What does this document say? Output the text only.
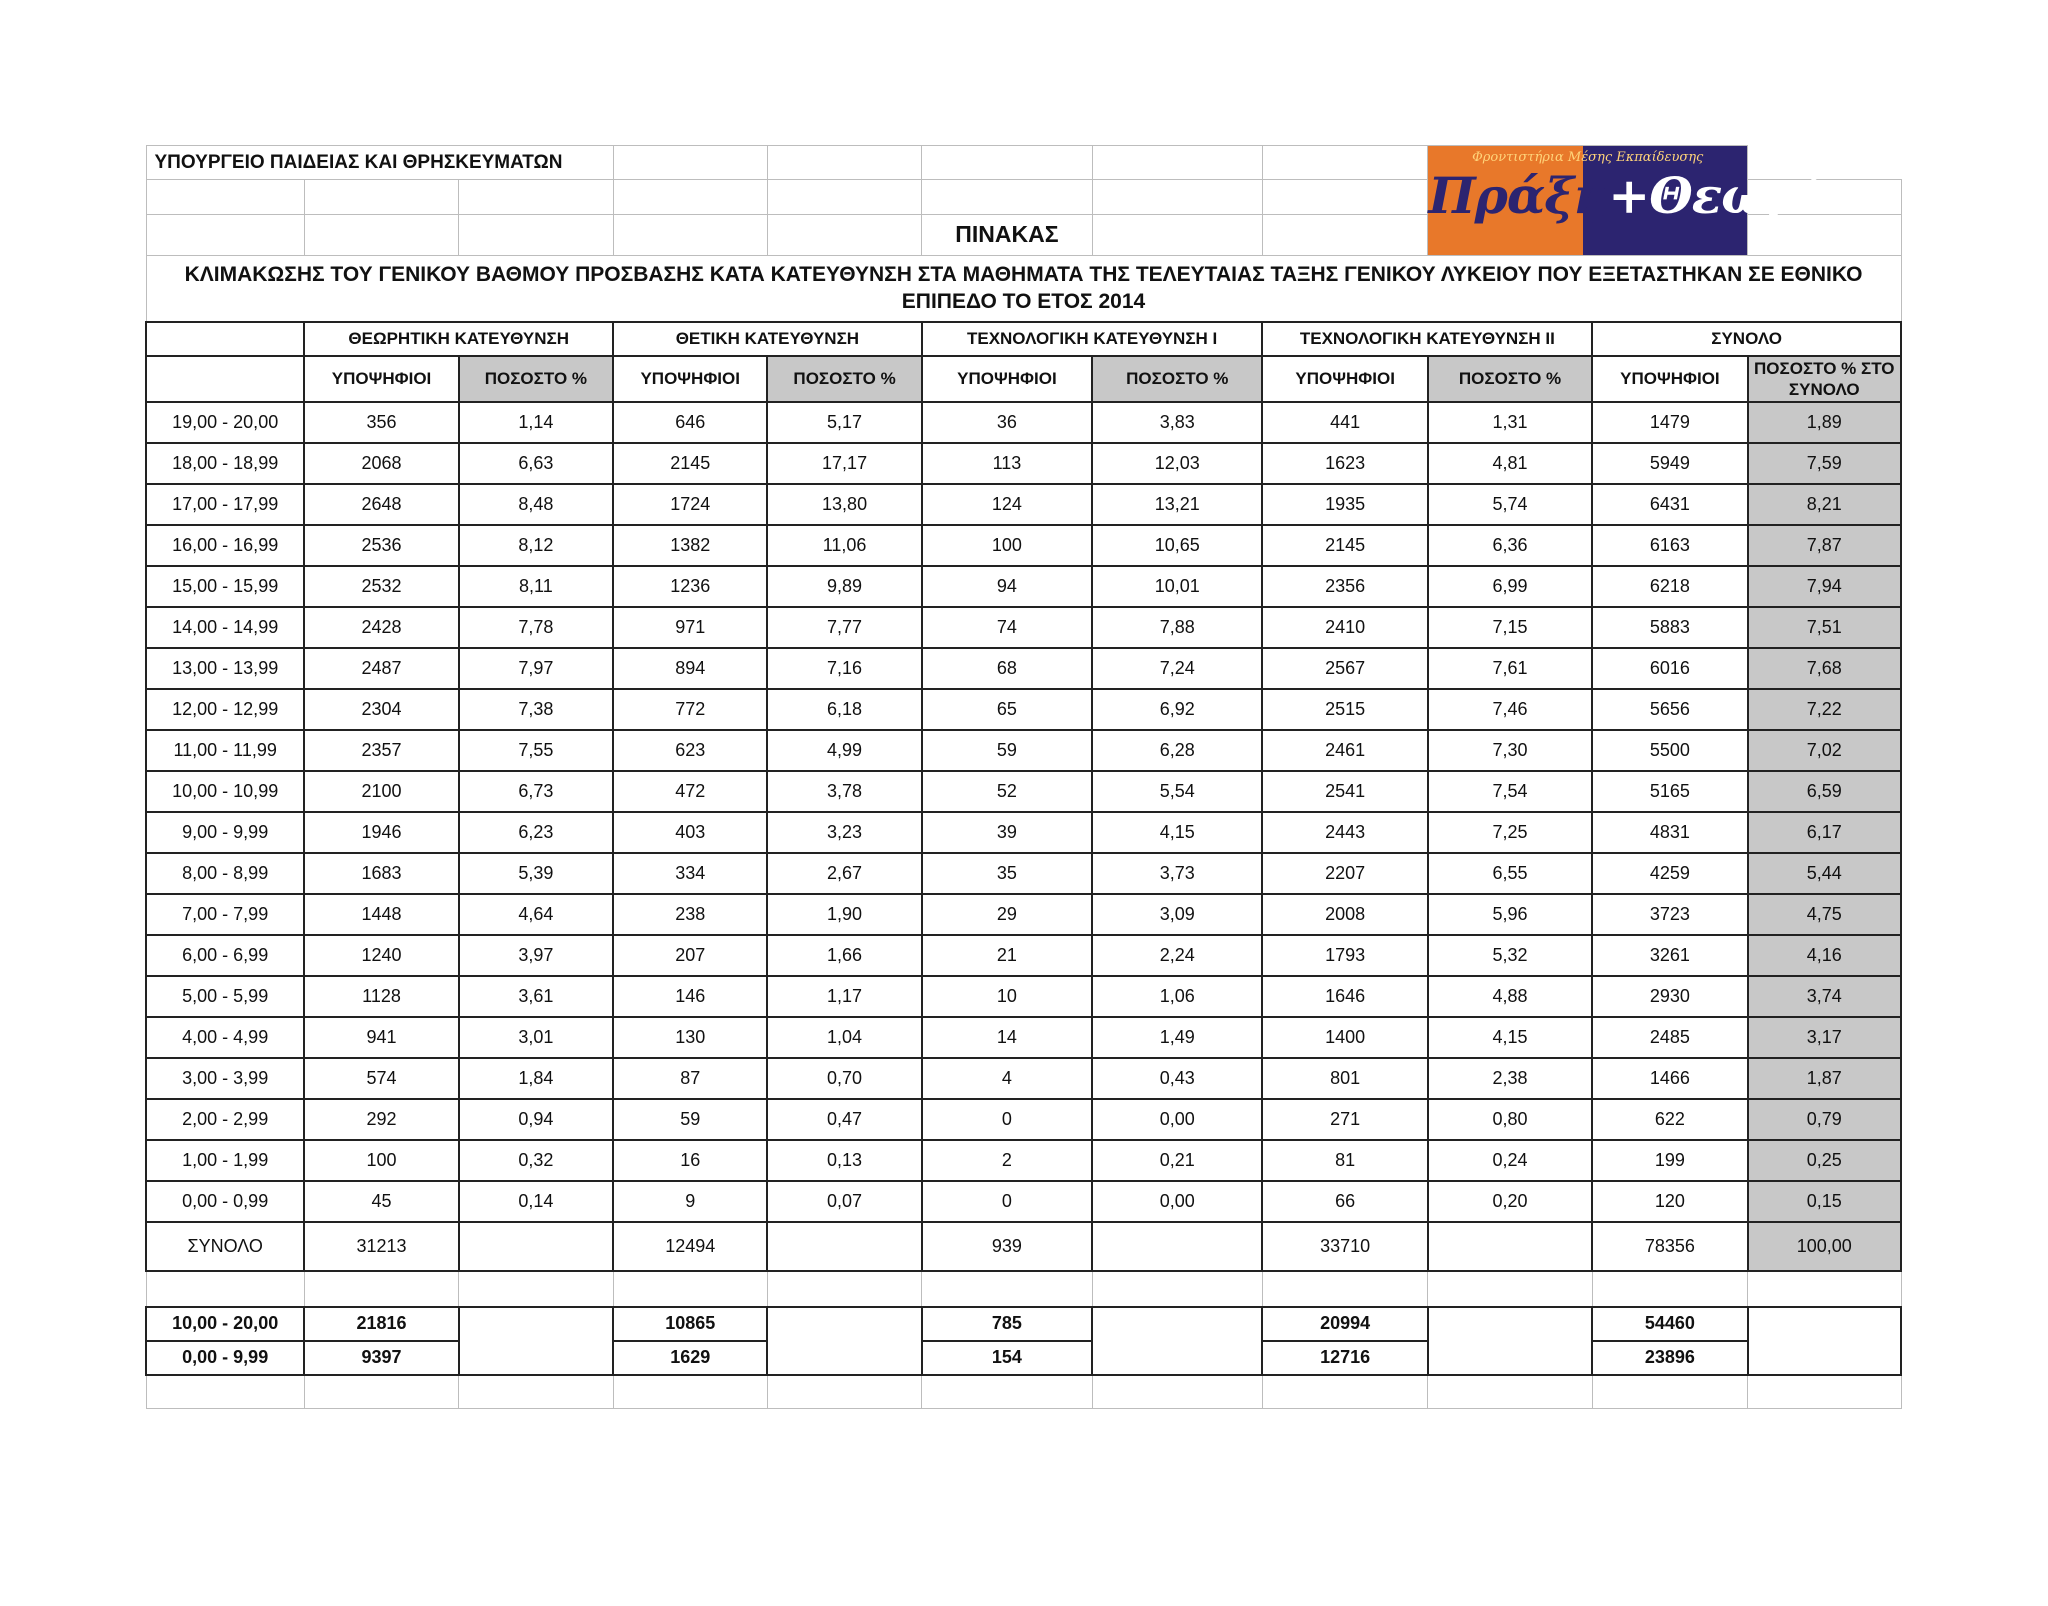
ΥΠΟΥΡΓΕΙΟ ΠΑΙΔΕΙΑΣ ΚΑΙ ΘΡΗΣΚΕΥΜΑΤΩΝ								Φροντιστήρια Μέσης Εκπαίδευσης
Πράξη+Θεωρία		

					ΠΙΝΑΚΑΣ					
ΚΛΙΜΑΚΩΣΗΣ ΤΟΥ ΓΕΝΙΚΟΥ ΒΑΘΜΟΥ ΠΡΟΣΒΑΣΗΣ ΚΑΤΑ ΚΑΤΕΥΘΥΝΣΗ ΣΤΑ ΜΑΘΗΜΑΤΑ ΤΗΣ ΤΕΛΕΥΤΑΙΑΣ ΤΑΞΗΣ ΓΕΝΙΚΟΥ ΛΥΚΕΙΟΥ ΠΟΥ ΕΞΕΤΑΣΤΗΚΑΝ ΣΕ ΕΘΝΙΚΟ ΕΠΙΠΕΔΟ ΤΟ ΕΤΟΣ 2014										
	ΘΕΩΡΗΤΙΚΗ ΚΑΤΕΥΘΥΝΣΗ		ΘΕΤΙΚΗ ΚΑΤΕΥΘΥΝΣΗ		ΤΕΧΝΟΛΟΓΙΚΗ ΚΑΤΕΥΘΥΝΣΗ Ι		ΤΕΧΝΟΛΟΓΙΚΗ ΚΑΤΕΥΘΥΝΣΗ ΙΙ		ΣΥΝΟΛΟ	
	ΥΠΟΨΗΦΙΟΙ	ΠΟΣΟΣΤΟ %	ΥΠΟΨΗΦΙΟΙ	ΠΟΣΟΣΤΟ %	ΥΠΟΨΗΦΙΟΙ	ΠΟΣΟΣΤΟ %	ΥΠΟΨΗΦΙΟΙ	ΠΟΣΟΣΤΟ %	ΥΠΟΨΗΦΙΟΙ	ΠΟΣΟΣΤΟ % ΣΤΟ ΣΥΝΟΛΟ
19,00 - 20,00	356	1,14	646	5,17	36	3,83	441	1,31	1479	1,89
18,00 - 18,99	2068	6,63	2145	17,17	113	12,03	1623	4,81	5949	7,59
17,00 - 17,99	2648	8,48	1724	13,80	124	13,21	1935	5,74	6431	8,21
16,00 - 16,99	2536	8,12	1382	11,06	100	10,65	2145	6,36	6163	7,87
15,00 - 15,99	2532	8,11	1236	9,89	94	10,01	2356	6,99	6218	7,94
14,00 - 14,99	2428	7,78	971	7,77	74	7,88	2410	7,15	5883	7,51
13,00 - 13,99	2487	7,97	894	7,16	68	7,24	2567	7,61	6016	7,68
12,00 - 12,99	2304	7,38	772	6,18	65	6,92	2515	7,46	5656	7,22
11,00 - 11,99	2357	7,55	623	4,99	59	6,28	2461	7,30	5500	7,02
10,00 - 10,99	2100	6,73	472	3,78	52	5,54	2541	7,54	5165	6,59
9,00 - 9,99	1946	6,23	403	3,23	39	4,15	2443	7,25	4831	6,17
8,00 - 8,99	1683	5,39	334	2,67	35	3,73	2207	6,55	4259	5,44
7,00 - 7,99	1448	4,64	238	1,90	29	3,09	2008	5,96	3723	4,75
6,00 - 6,99	1240	3,97	207	1,66	21	2,24	1793	5,32	3261	4,16
5,00 - 5,99	1128	3,61	146	1,17	10	1,06	1646	4,88	2930	3,74
4,00 - 4,99	941	3,01	130	1,04	14	1,49	1400	4,15	2485	3,17
3,00 - 3,99	574	1,84	87	0,70	4	0,43	801	2,38	1466	1,87
2,00 - 2,99	292	0,94	59	0,47	0	0,00	271	0,80	622	0,79
1,00 - 1,99	100	0,32	16	0,13	2	0,21	81	0,24	199	0,25
0,00 - 0,99	45	0,14	9	0,07	0	0,00	66	0,20	120	0,15
ΣΥΝΟΛΟ	31213		12494		939		33710		78356	100,00

10,00 - 20,00	21816		10865		785		20994		54460	
0,00 - 9,99	9397		1629		154		12716		23896	
